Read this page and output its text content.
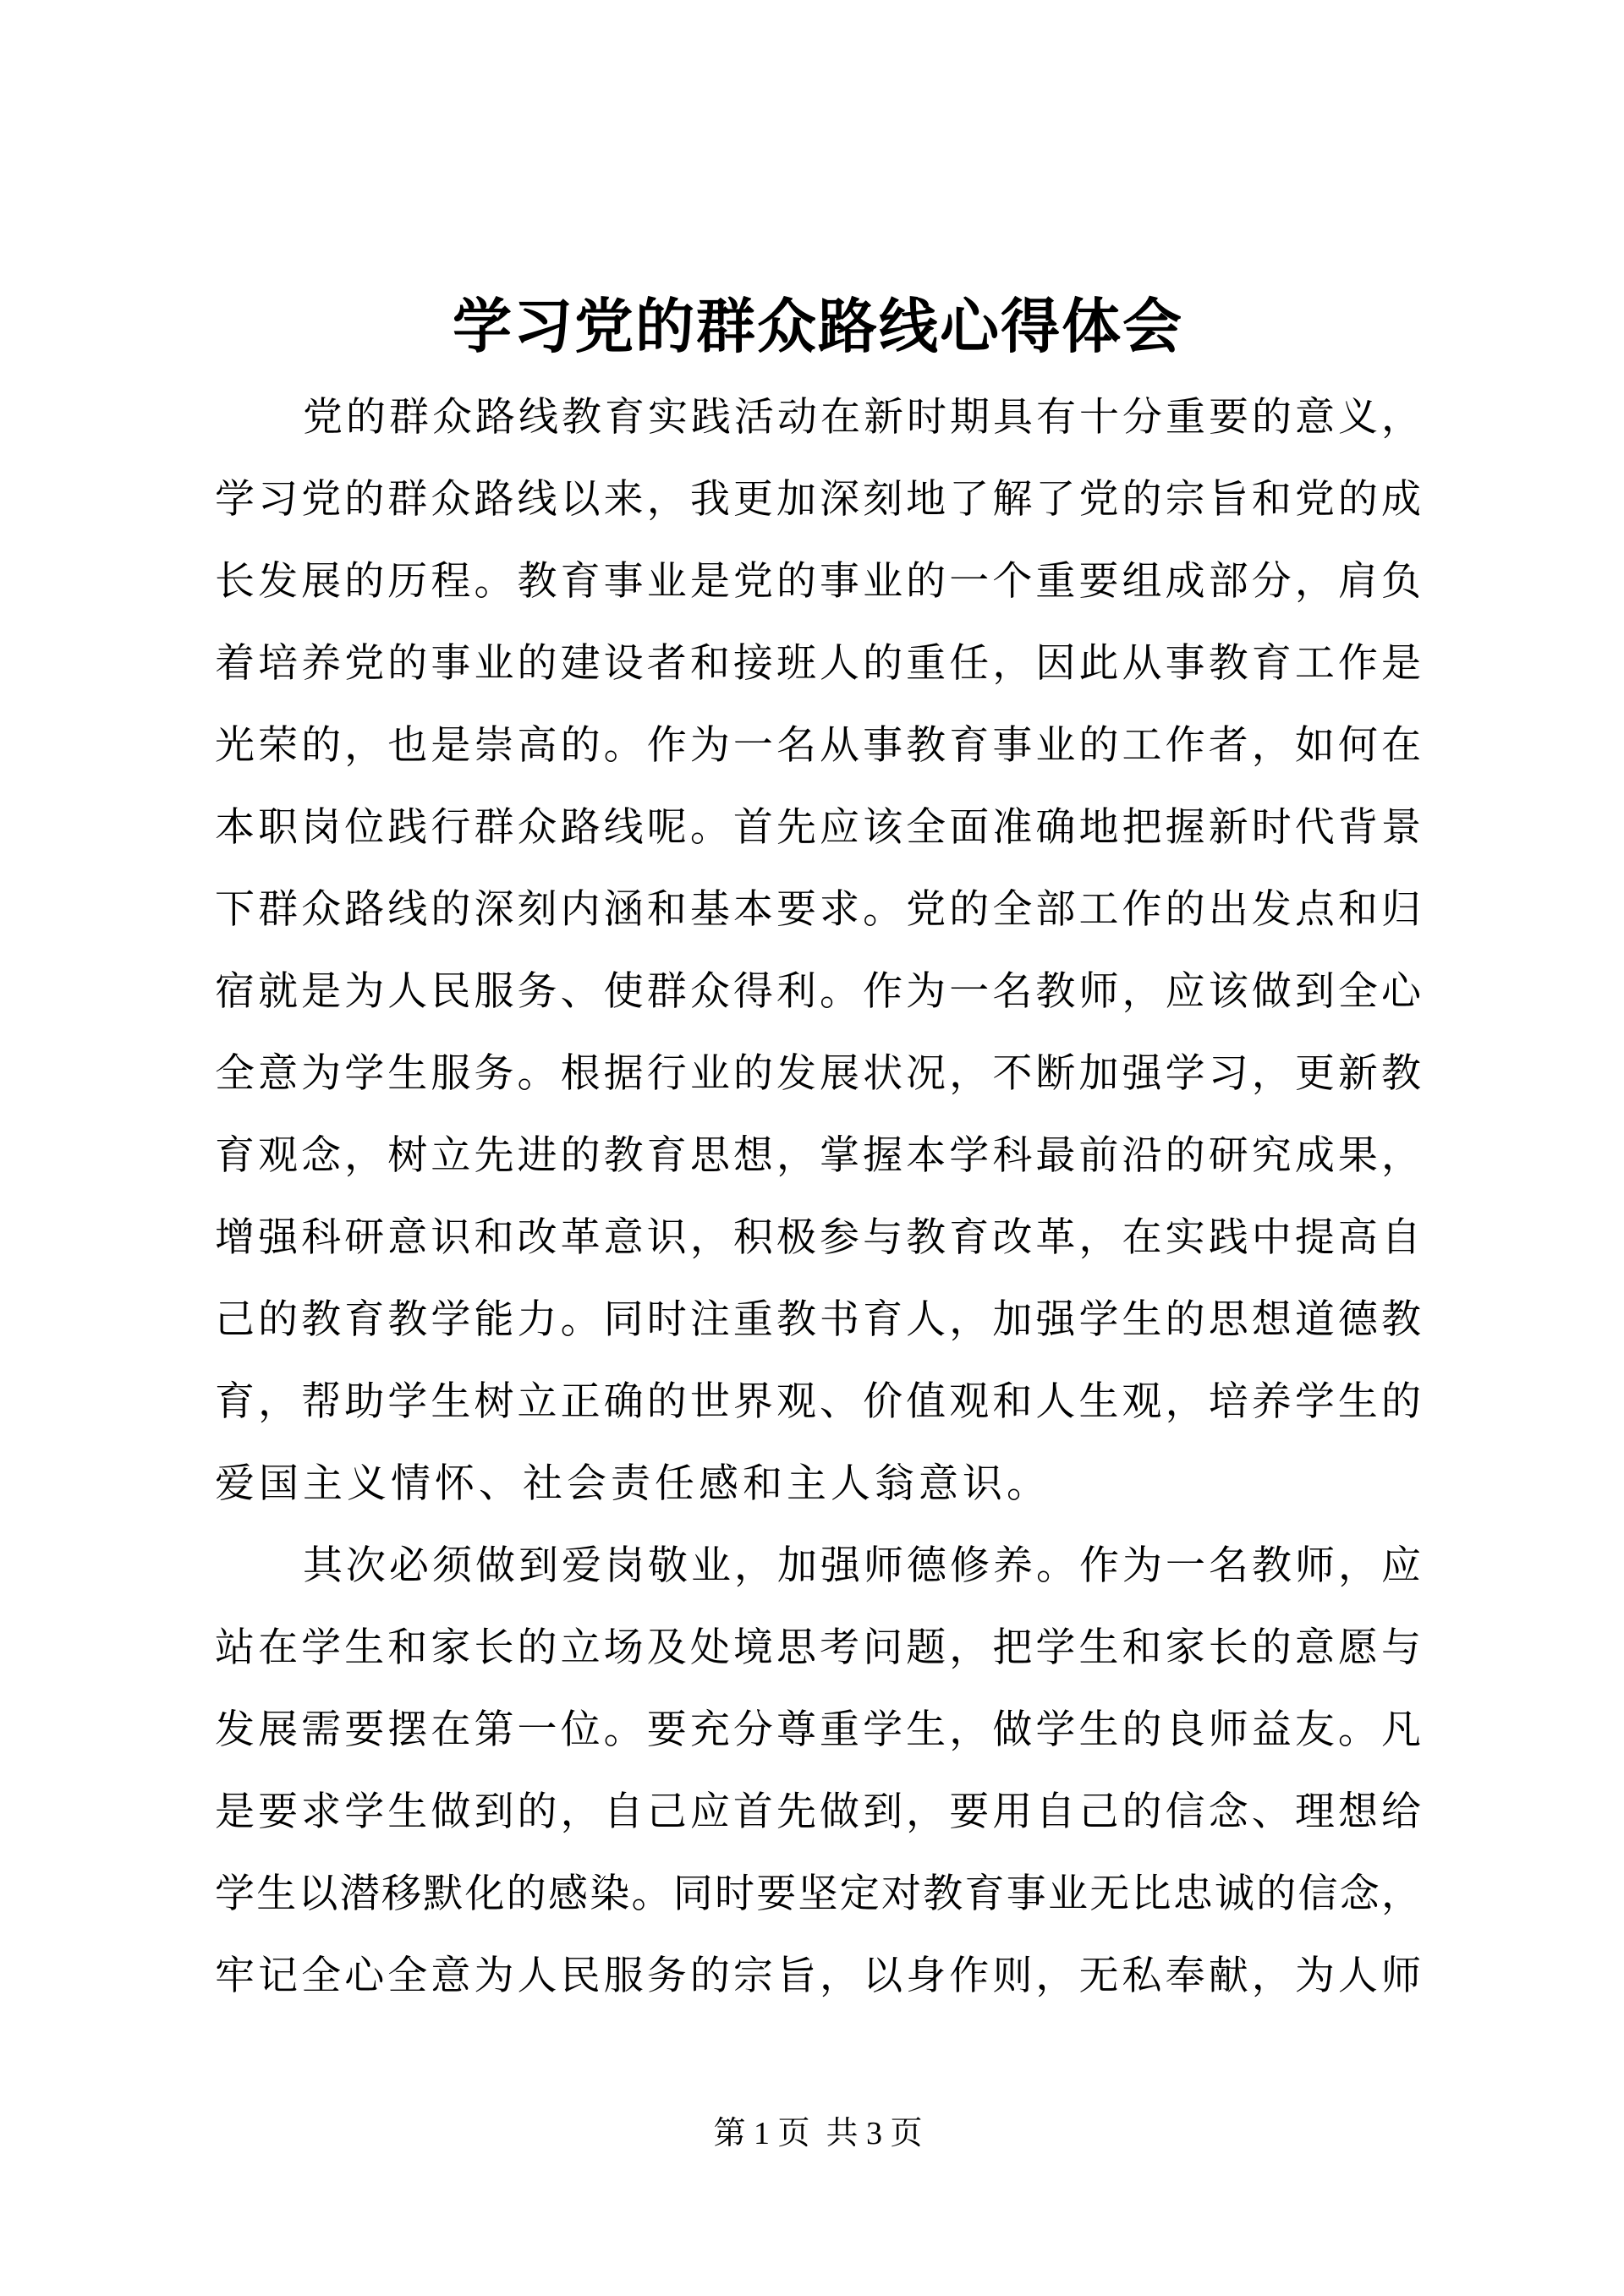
学习党的群众路线心得体会
党的群众路线教育实践活动在新时期具有十分重要的意义，
学习党的群众路线以来，我更加深刻地了解了党的宗旨和党的成
长发展的历程。教育事业是党的事业的一个重要组成部分，肩负
着培养党的事业的建设者和接班人的重任，因此从事教育工作是
光荣的，也是崇高的。作为一名从事教育事业的工作者，如何在
本职岗位践行群众路线呢。首先应该全面准确地把握新时代背景
下群众路线的深刻内涵和基本要求。党的全部工作的出发点和归
宿就是为人民服务、使群众得利。作为一名教师，应该做到全心
全意为学生服务。根据行业的发展状况，不断加强学习，更新教
育观念，树立先进的教育思想，掌握本学科最前沿的研究成果，
增强科研意识和改革意识，积极参与教育改革，在实践中提高自
己的教育教学能力。同时注重教书育人，加强学生的思想道德教
育，帮助学生树立正确的世界观、价值观和人生观，培养学生的
爱国主义情怀、社会责任感和主人翁意识。
其次必须做到爱岗敬业，加强师德修养。作为一名教师，应
站在学生和家长的立场及处境思考问题，把学生和家长的意愿与
发展需要摆在第一位。要充分尊重学生，做学生的良师益友。凡
是要求学生做到的，自己应首先做到，要用自己的信念、理想给
学生以潜移默化的感染。同时要坚定对教育事业无比忠诚的信念，
牢记全心全意为人民服务的宗旨，以身作则，无私奉献，为人师
第 1 页  共 3 页
